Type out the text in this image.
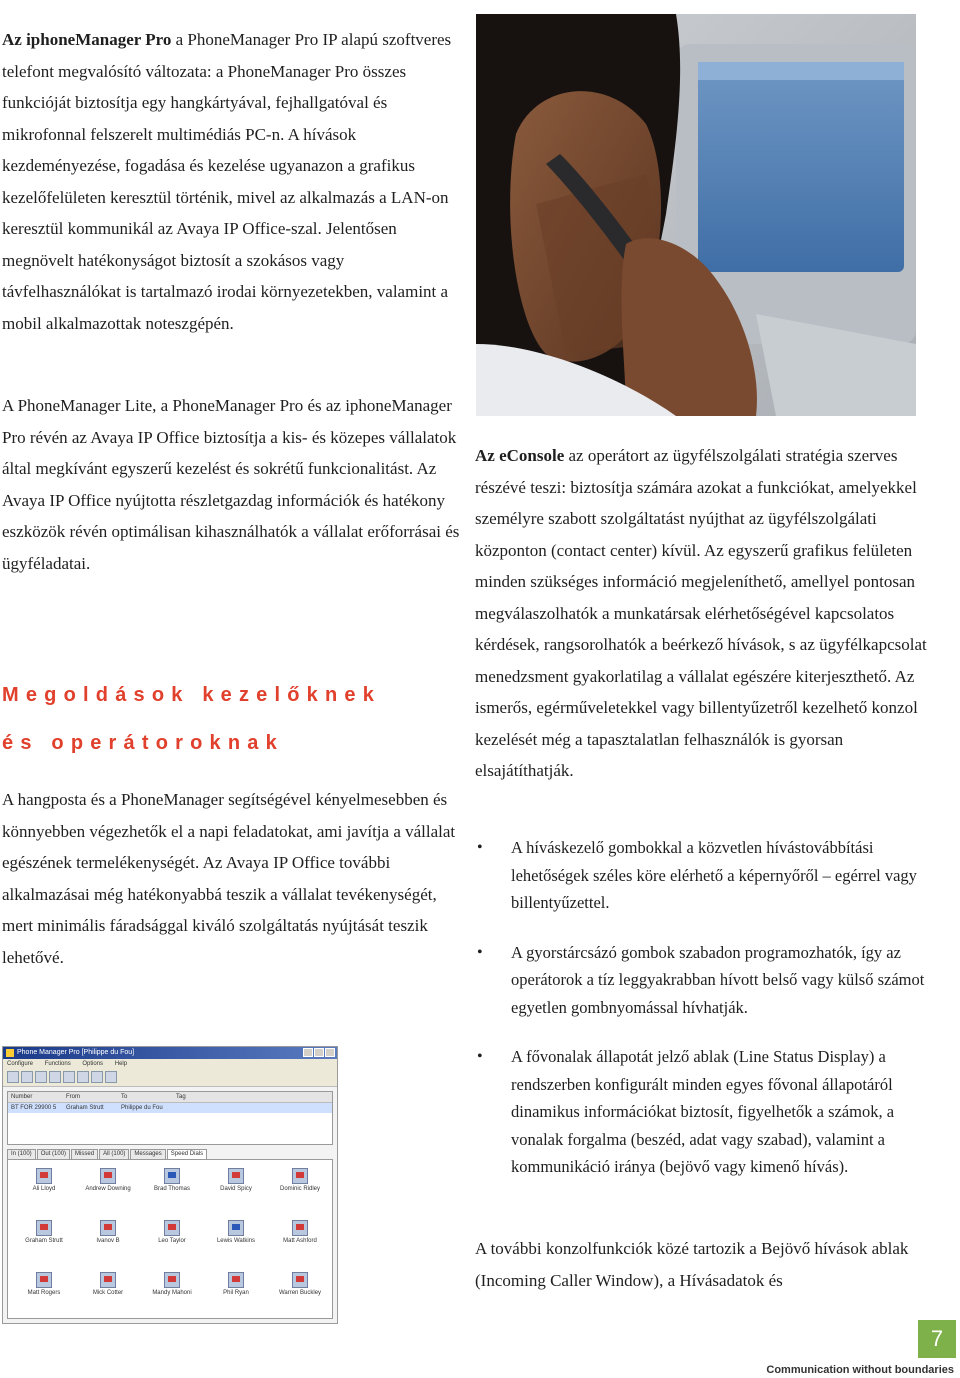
Az iphoneManager Pro a PhoneManager Pro IP alapú szoftveres telefont megvalósító változata: a PhoneManager Pro összes funkcióját biztosítja egy hangkártyával, fejhallgatóval és mikrofonnal felszerelt multimédiás PC-n. A hívások kezdeményezése, fogadása és kezelése ugyanazon a grafikus kezelőfelületen keresztül történik, mivel az alkalmazás a LAN-on keresztül kommunikál az Avaya IP Office-szal. Jelentősen megnövelt hatékonyságot biztosít a szokásos vagy távfelhasználókat is tartalmazó irodai környezetekben, valamint a mobil alkalmazottak noteszgépén.

A PhoneManager Lite, a PhoneManager Pro és az iphoneManager Pro révén az Avaya IP Office biztosítja a kis- és közepes vállalatok által megkívánt egyszerű kezelést és sokrétű funkcionalitást. Az Avaya IP Office nyújtotta részletgazdag információk és hatékony eszközök révén optimálisan kihasználhatók a vállalat erőforrásai és ügyféladatai.

Megoldások kezelőknek
és operátoroknak

A hangposta és a PhoneManager segítségével kényelmesebben és könnyebben végezhetők el a napi feladatokat, ami javítja a vállalat egészének termelékenységét. Az Avaya IP Office további alkalmazásai még hatékonyabbá teszik a vállalat tevékenységét, mert minimális fáradsággal kiváló szolgáltatás nyújtását teszik lehetővé.

Az eConsole az operátort az ügyfélszolgálati stratégia szerves részévé teszi: biztosítja számára azokat a funkciókat, amelyekkel személyre szabott szolgáltatást nyújthat az ügyfélszolgálati központon (contact center) kívül. Az egyszerű grafikus felületen minden szükséges információ megjeleníthető, amellyel pontosan megválaszolhatók a munkatársak elérhetőségével kapcsolatos kérdések, rangsorolhatók a beérkező hívások, s az ügyfélkapcsolat menedzsment gyakorlatilag a vállalat egészére kiterjeszthető. Az ismerős, egérműveletekkel vagy billentyűzetről kezelhető konzol kezelését még a tapasztalatlan felhasználók is gyorsan elsajátíthatják.

• A híváskezelő gombokkal a közvetlen hívástovábbítási lehetőségek széles köre elérhető a képernyőről – egérrel vagy billentyűzettel.
• A gyorstárcsázó gombok szabadon programozhatók, így az operátorok a tíz leggyakrabban hívott belső vagy külső számot egyetlen gombnyomással hívhatják.
• A fővonalak állapotát jelző ablak (Line Status Display) a rendszerben konfigurált minden egyes fővonal állapotáról dinamikus információkat biztosít, figyelhetők a számok, a vonalak forgalma (beszéd, adat vagy szabad), valamint a kommunikáció iránya (bejövő vagy kimenő hívás).

A további konzolfunkciók közé tartozik a Bejövő hívások ablak (Incoming Caller Window), a Hívásadatok és

Phone Manager Pro [Philippe du Fou]
Configure Functions Options Help
Number	From	To	Tag
BT FOR 29900 5	Graham Strutt	Philippe du Fou
In (100)	Out (100)	Missed	All (100)	Messages	Speed Dials
Ali Lloyd	Andrew Downing	Brad Thomas	David Spicy	Dominic Ridley
Graham Strutt	Ivanov B	Leo Taylor	Lewis Watkins	Matt Ashford
Matt Rogers	Mick Cotter	Mandy Mahoni	Phil Ryan	Warren Buckley
7

Communication without boundaries
